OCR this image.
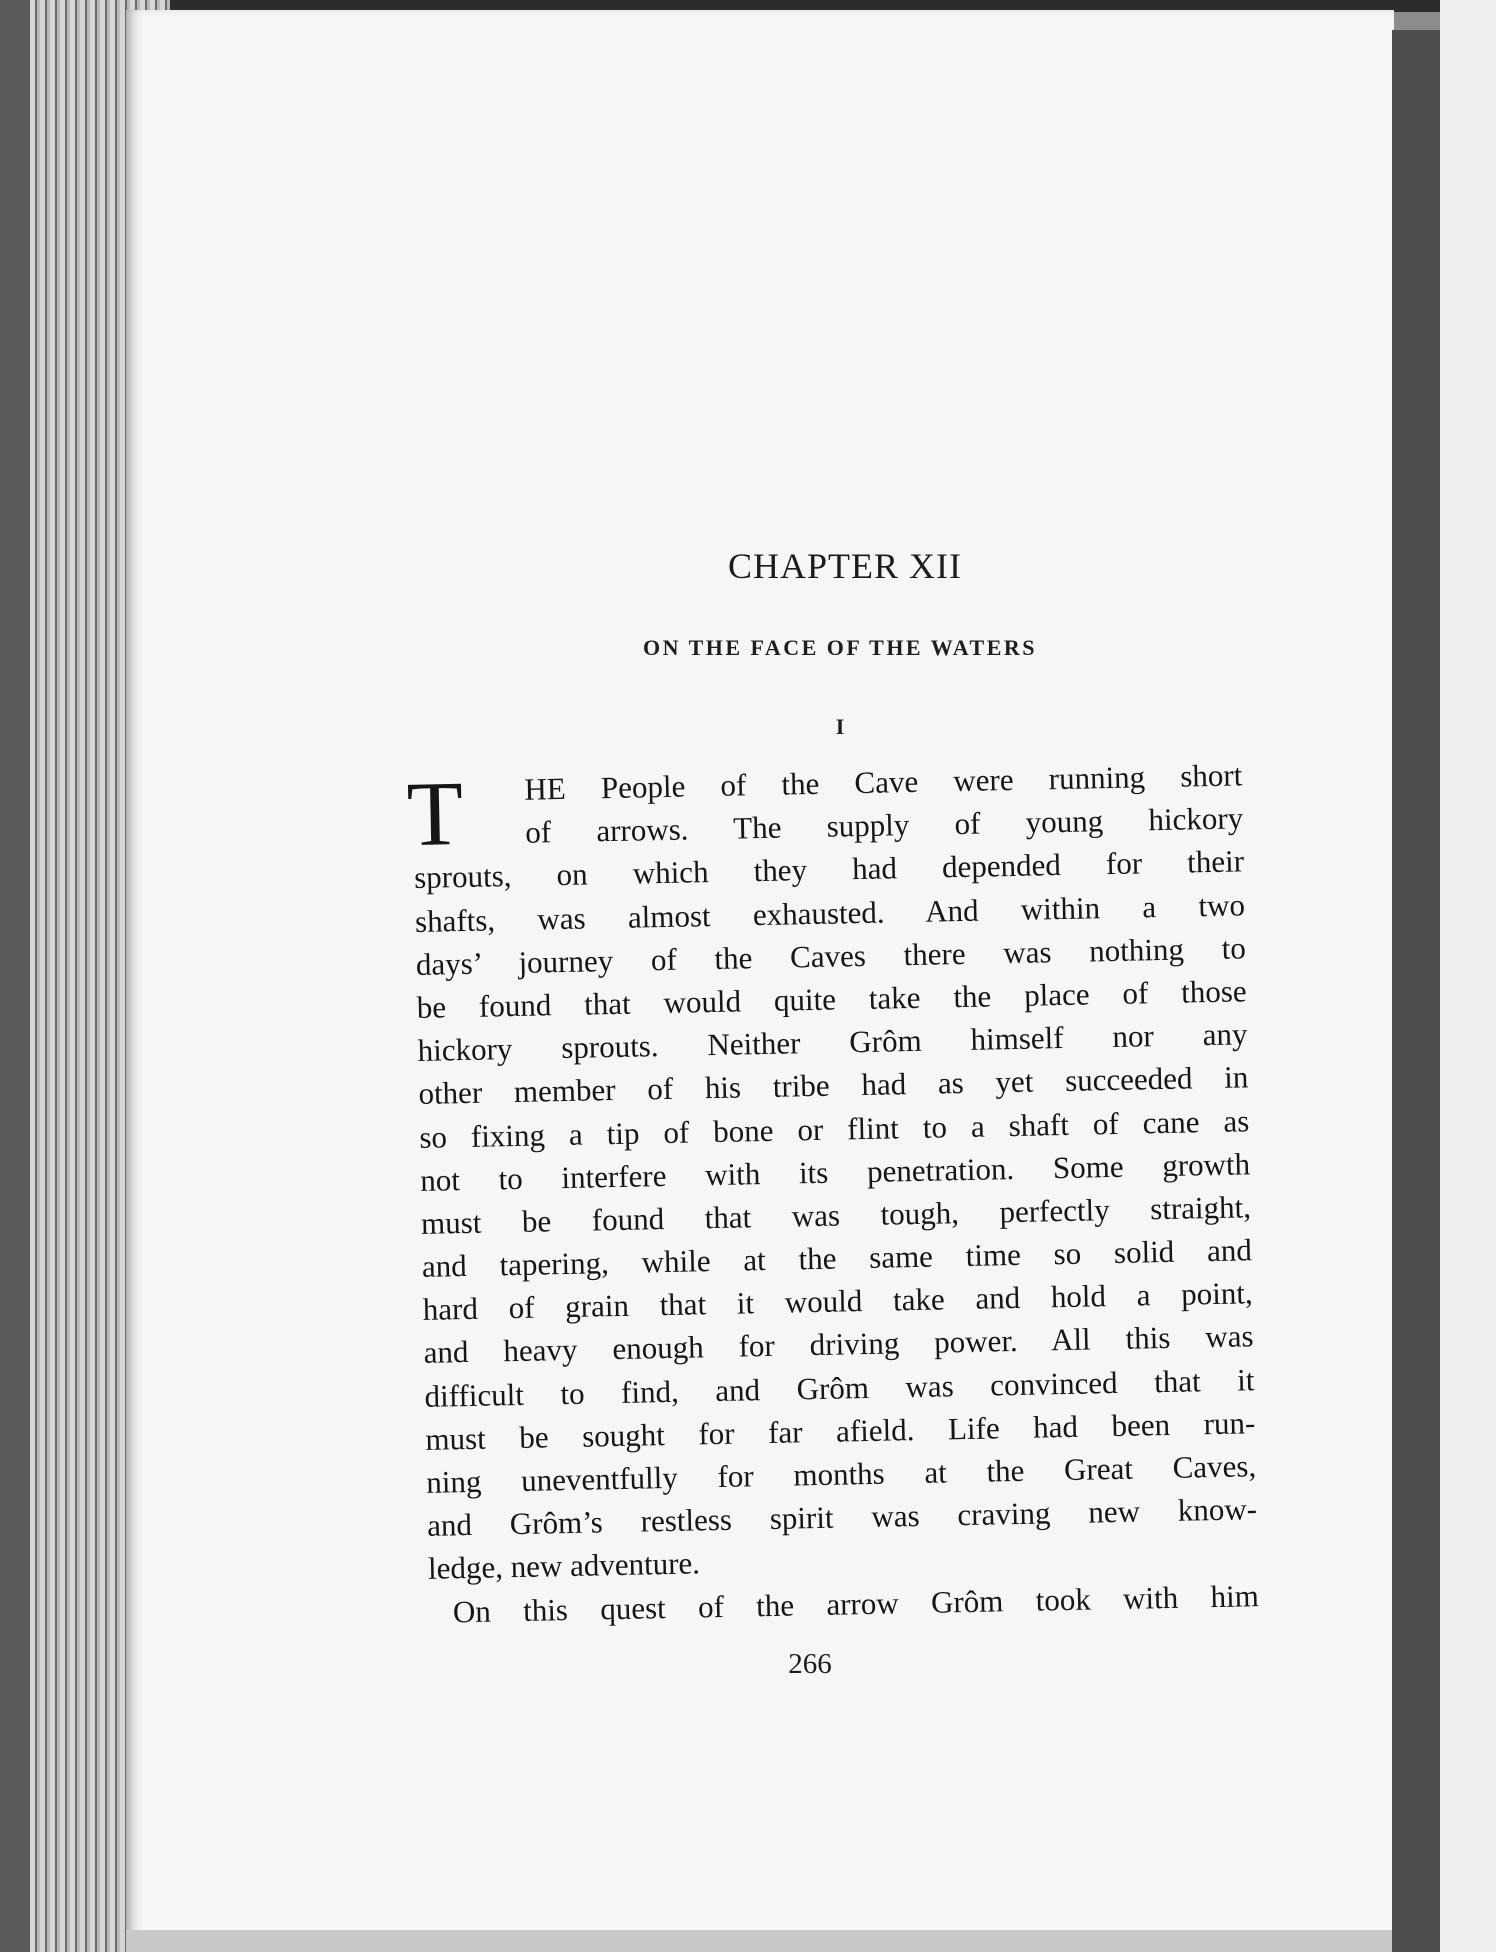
CHAPTER XII
ON THE FACE OF THE WATERS
I
T	HE People of the Cave were running short
of arrows. The supply of young hickory
sprouts, on which they had depended for their
shafts, was almost exhausted. And within a two
days’ journey of the Caves there was nothing to
be found that would quite take the place of those
hickory sprouts. Neither Grôm himself nor any
other member of his tribe had as yet succeeded in
so fixing a tip of bone or flint to a shaft of cane as
not to interfere with its penetration. Some growth
must be found that was tough, perfectly straight,
and tapering, while at the same time so solid and
hard of grain that it would take and hold a point,
and heavy enough for driving power. All this was
difficult to find, and Grôm was convinced that it
must be sought for far afield. Life had been run-
ning uneventfully for months at the Great Caves,
and Grôm’s restless spirit was craving new know-
ledge, new adventure.
On this quest of the arrow Grôm took with him
266
